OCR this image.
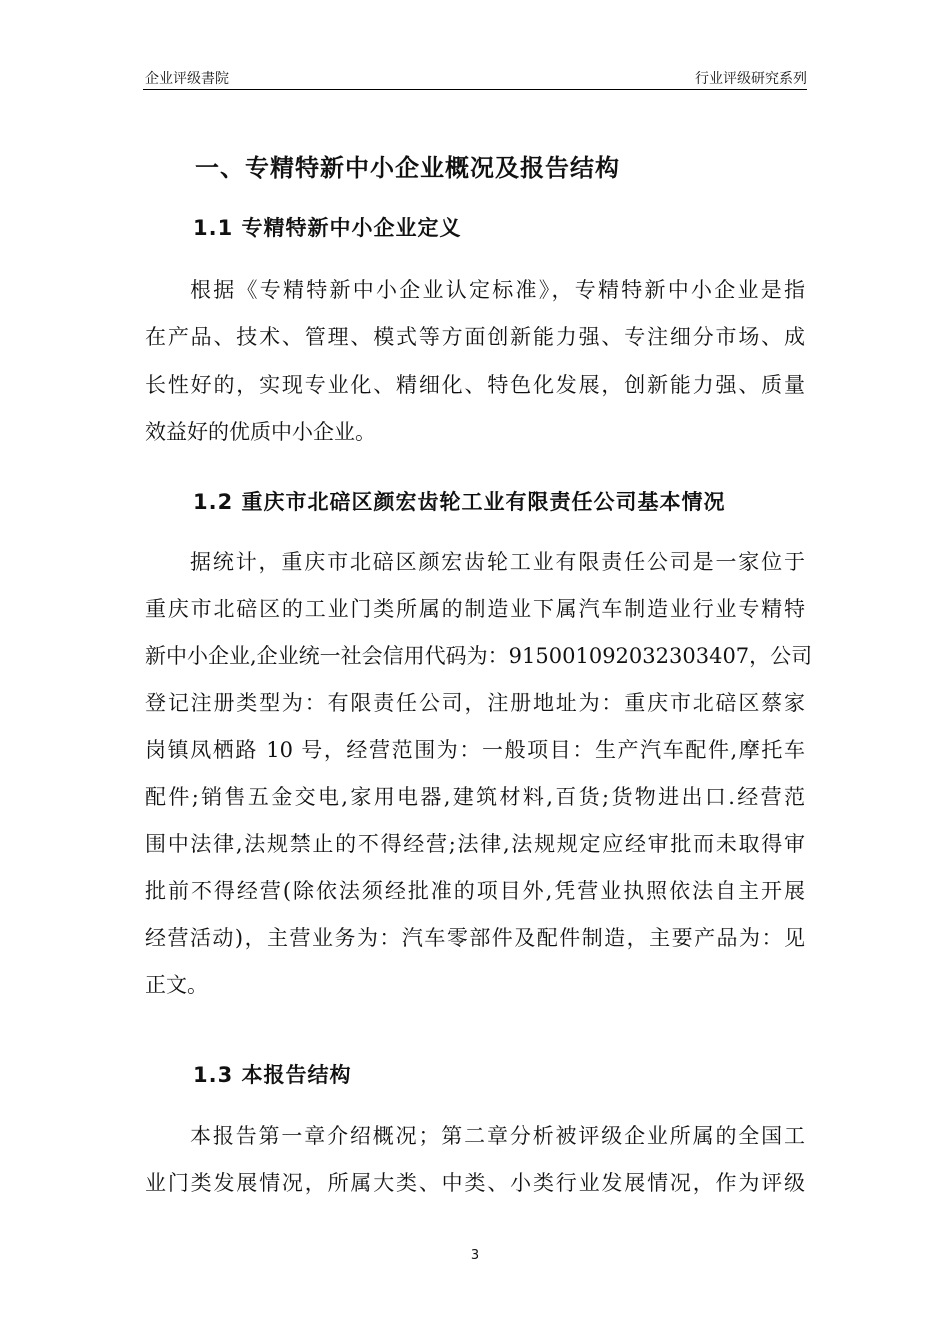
企业评级書院	行业评级研究系列
一、专精特新中小企业概况及报告结构
1.1 专精特新中小企业定义
根据《专精特新中小企业认定标准》，专精特新中小企业是指
在产品、技术、管理、模式等方面创新能力强、专注细分市场、成
长性好的，实现专业化、精细化、特色化发展，创新能力强、质量
效益好的优质中小企业。
1.2 重庆市北碚区颜宏齿轮工业有限责任公司基本情况
据统计，重庆市北碚区颜宏齿轮工业有限责任公司是一家位于
重庆市北碚区的工业门类所属的制造业下属汽车制造业行业专精特
新中小企业,企业统一社会信用代码为：915001092032303407，公司
登记注册类型为：有限责任公司，注册地址为：重庆市北碚区蔡家
岗镇凤栖路 10 号，经营范围为：一般项目：生产汽车配件,摩托车
配件;销售五金交电,家用电器,建筑材料,百货;货物进出口.经营范
围中法律,法规禁止的不得经营;法律,法规规定应经审批而未取得审
批前不得经营(除依法须经批准的项目外,凭营业执照依法自主开展
经营活动)，主营业务为：汽车零部件及配件制造，主要产品为：见
正文。
1.3 本报告结构
本报告第一章介绍概况；第二章分析被评级企业所属的全国工
业门类发展情况，所属大类、中类、小类行业发展情况，作为评级
3
